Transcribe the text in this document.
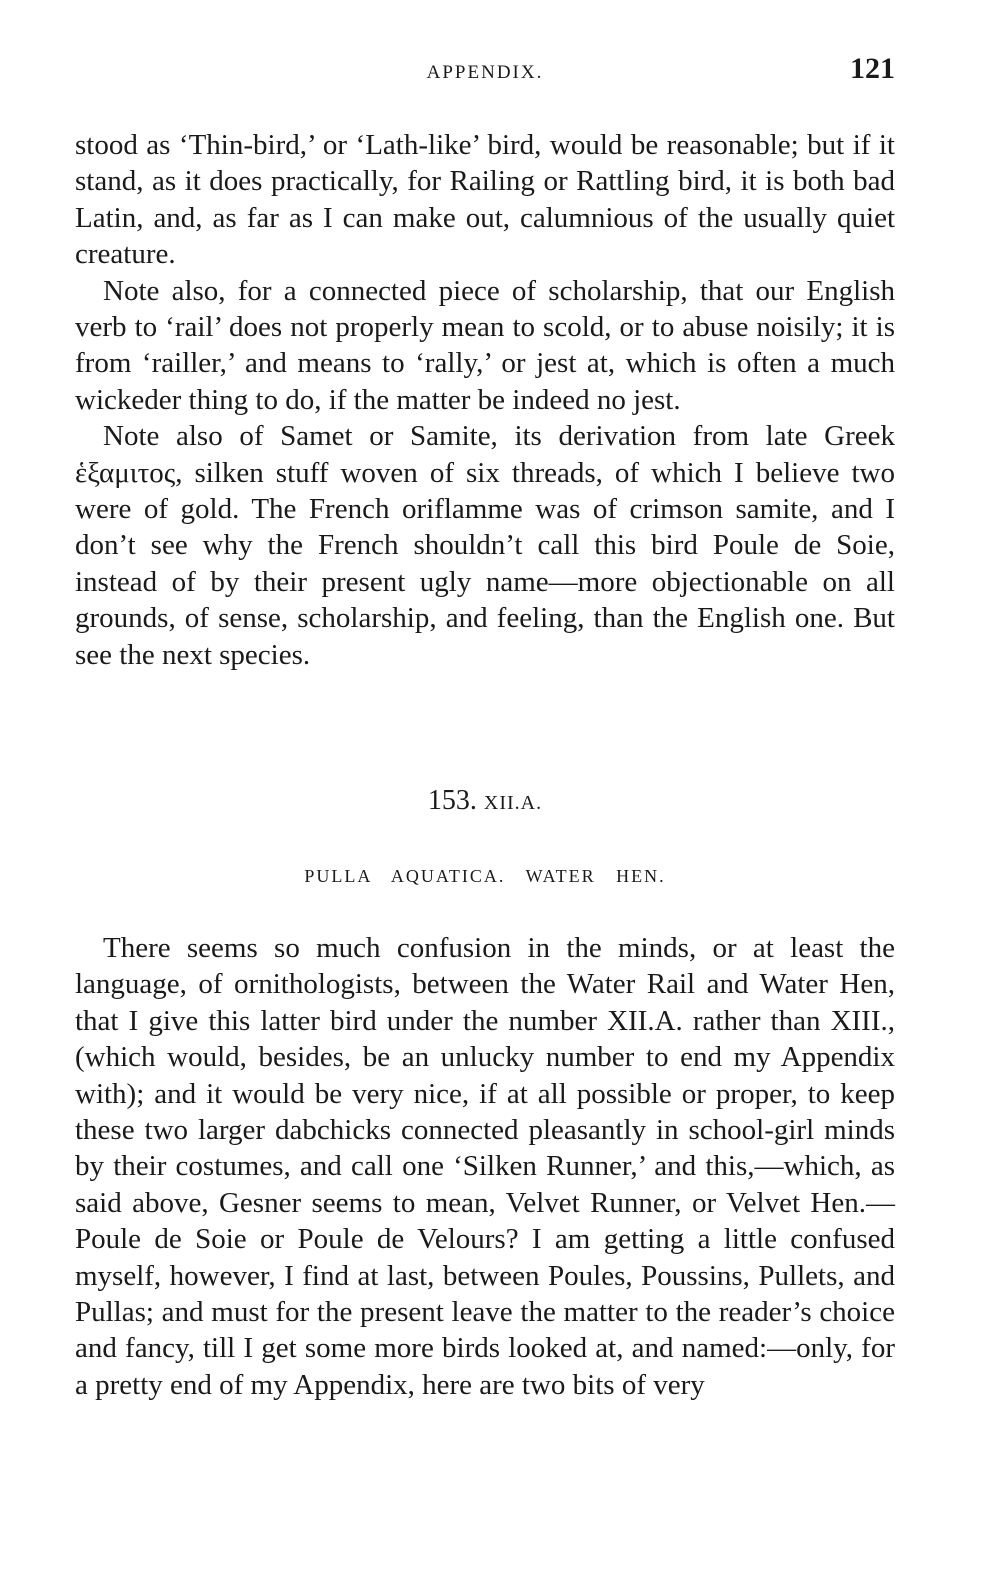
APPENDIX.	121

stood as ‘Thin-bird,’ or ‘Lath-like’ bird, would be reasonable; but if it stand, as it does practically, for Railing or Rattling bird, it is both bad Latin, and, as far as I can make out, calumnious of the usually quiet creature.

Note also, for a connected piece of scholarship, that our English verb to ‘rail’ does not properly mean to scold, or to abuse noisily; it is from ‘railler,’ and means to ‘rally,’ or jest at, which is often a much wickeder thing to do, if the matter be indeed no jest.

Note also of Samet or Samite, its derivation from late Greek ἑξαμιτος, silken stuff woven of six threads, of which I believe two were of gold. The French oriflamme was of crimson samite, and I don’t see why the French shouldn’t call this bird Poule de Soie, instead of by their present ugly name—more objectionable on all grounds, of sense, scholarship, and feeling, than the English one. But see the next species.

153. XII.A.
PULLA AQUATICA. WATER HEN.

There seems so much confusion in the minds, or at least the language, of ornithologists, between the Water Rail and Water Hen, that I give this latter bird under the number XII.A. rather than XIII., (which would, besides, be an unlucky number to end my Appendix with); and it would be very nice, if at all possible or proper, to keep these two larger dabchicks connected pleasantly in school-girl minds by their costumes, and call one ‘Silken Runner,’ and this,—which, as said above, Gesner seems to mean, Velvet Runner, or Velvet Hen.—Poule de Soie or Poule de Velours? I am getting a little confused myself, however, I find at last, between Poules, Poussins, Pullets, and Pullas; and must for the present leave the matter to the reader’s choice and fancy, till I get some more birds looked at, and named:—only, for a pretty end of my Appendix, here are two bits of very
